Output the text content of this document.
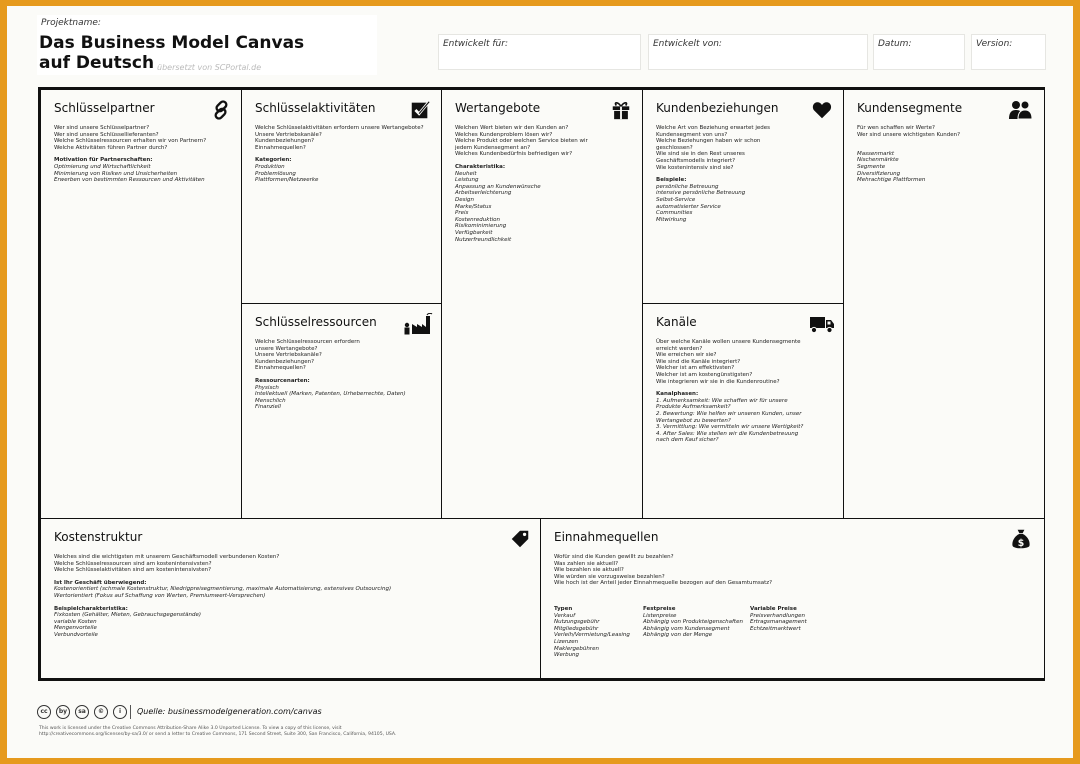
Projektname:
Das Business Model Canvas
auf Deutsch übersetzt von SCPortal.de
Entwickelt für:	Entwickelt von:	Datum:	Version:
Schlüsselpartner
Wer sind unsere Schlüsselpartner?
Wer sind unsere Schlüssellieferanten?
Welche Schlüsselressourcen erhalten wir von Partnern?
Welche Aktivitäten führen Partner durch?
Motivation für Partnerschaften:
Optimierung und Wirtschaftlichkeit
Minimierung von Risiken und Unsicherheiten
Erwerben von bestimmten Ressourcen und Aktivitäten
Schlüsselaktivitäten
Welche Schlüsselaktivitäten erfordern unsere Wertangebote?
Unsere Vertriebskanäle?
Kundenbeziehungen?
Einnahmequellen?
Kategorien:
Produktion
Problemlösung
Plattformen/Netzwerke
Schlüsselressourcen
Welche Schlüsselressourcen erfordern
unsere Wertangebote?
Unsere Vertriebskanäle?
Kundenbeziehungen?
Einnahmequellen?
Ressourcenarten:
Physisch
Intellektuell (Marken, Patenten, Urheberrechte, Daten)
Menschlich
Finanziell
Wertangebote
Welchen Wert bieten wir den Kunden an?
Welches Kundenproblem lösen wir?
Welche Produkt oder welchen Service bieten wir
jedem Kundensegment an?
Welches Kundenbedürfnis befriedigen wir?
Charakteristika:
Neuheit
Leistung
Anpassung an Kundenwünsche
Arbeitserleichterung
Design
Marke/Status
Preis
Kostenreduktion
Risikominimierung
Verfügbarkeit
Nutzerfreundlichkeit
Kundenbeziehungen
Welche Art von Beziehung erwartet jedes
Kundensegment von uns?
Welche Beziehungen haben wir schon
geschlossen?
Wie sind sie in den Rest unseres
Geschäftsmodells integriert?
Wie kostenintensiv sind sie?
Beispiele:
persönliche Betreuung
intensive persönliche Betreuung
Selbst-Service
automatisierter Service
Communities
Mitwirkung
Kanäle
Über welche Kanäle wollen unsere Kundensegmente
erreicht werden?
Wie erreichen wir sie?
Wie sind die Kanäle integriert?
Welcher ist am effektivsten?
Welcher ist am kostengünstigsten?
Wie integrieren wir sie in die Kundenroutine?
Kanalphasen:
1. Aufmerksamkeit: Wie schaffen wir für unsere
Produkte Aufmerksamkeit?
2. Bewertung: Wie helfen wir unseren Kunden, unser
Wertangebot zu bewerten?
3. Vermittlung: Wie vermitteln wir unsere Wertigkeit?
4. After Sales: Wie stellen wir die Kundenbetreuung
nach dem Kauf sicher?
Kundensegmente
Für wen schaffen wir Werte?
Wer sind unsere wichtigsten Kunden?

Massenmarkt
Nischenmärkte
Segmente
Diversifizierung
Mehrachtige Plattformen
Kostenstruktur
Welches sind die wichtigsten mit unserem Geschäftsmodell verbundenen Kosten?
Welche Schlüsselressourcen sind am kostenintensivsten?
Welche Schlüsselaktivitäten sind am kostenintensivsten?
Ist Ihr Geschäft überwiegend:
Kostenorientiert (schmale Kostenstruktur, Niedrigpreisegmentierung, maximale Automatisierung, extensives Outsourcing)
Wertorientiert (Fokus auf Schaffung von Werten, Premiumwert-Versprechen)
Beispielcharakteristika:
Fixkosten (Gehälter, Mieten, Gebrauchsgegenstände)
variable Kosten
Mengenvorteile
Verbundvorteile
Einnahmequellen	$
Wofür sind die Kunden gewillt zu bezahlen?
Was zahlen sie aktuell?
Wie bezahlen sie aktuell?
Wie würden sie vorzugsweise bezahlen?
Wie hoch ist der Anteil jeder Einnahmequelle bezogen auf den Gesamtumsatz?
Typen
Verkauf
Nutzungsgebühr
Mitgliedsgebühr
Verleih/Vermietung/Leasing
Lizenzen
Maklergebühren
Werbung
Festpreise
Listenpreise
Abhängig von Produkteigenschaften
Abhängig vom Kundensegment
Abhängig von der Menge
Variable Preise
Preisverhandlungen
Ertragsmanagement
Echtzeitmarktwert
cc	by	sa	©	i	Quelle: businessmodelgeneration.com/canvas
This work is licensed under the Creative Commons Attribution-Share Alike 3.0 Unported License. To view a copy of this license, visit
http://creativecommons.org/licenses/by-sa/3.0/ or send a letter to Creative Commons, 171 Second Street, Suite 300, San Francisco, California, 94105, USA.
